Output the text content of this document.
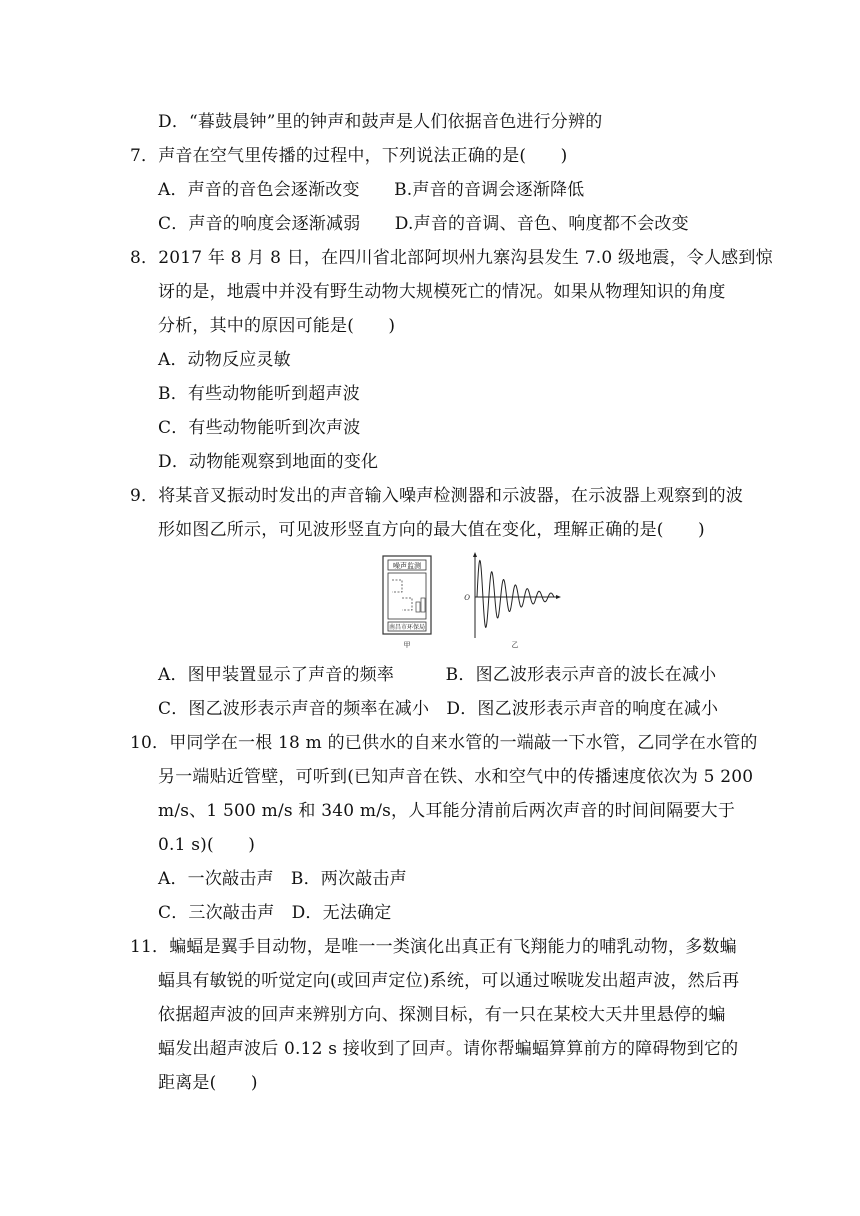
D．“暮鼓晨钟”里的钟声和鼓声是人们依据音色进行分辨的
7．声音在空气里传播的过程中，下列说法正确的是(　　)
A．声音的音色会逐渐改变　　B.声音的音调会逐渐降低
C．声音的响度会逐渐减弱　　D.声音的音调、音色、响度都不会改变
8．2017 年 8 月 8 日，在四川省北部阿坝州九寨沟县发生 7.0 级地震，令人感到惊
讶的是，地震中并没有野生动物大规模死亡的情况。如果从物理知识的角度
分析，其中的原因可能是(　　)
A．动物反应灵敏
B．有些动物能听到超声波
C．有些动物能听到次声波
D．动物能观察到地面的变化
9．将某音叉振动时发出的声音输入噪声检测器和示波器，在示波器上观察到的波
形如图乙所示，可见波形竖直方向的最大值在变化，理解正确的是(　　)
噪声监测
南昌市环保局
甲
O
乙
A．图甲装置显示了声音的频率　　　B．图乙波形表示声音的波长在减小
C．图乙波形表示声音的频率在减小　D．图乙波形表示声音的响度在减小
10．甲同学在一根 18 m 的已供水的自来水管的一端敲一下水管，乙同学在水管的
另一端贴近管壁，可听到(已知声音在铁、水和空气中的传播速度依次为 5 200
m/s、1 500 m/s 和 340 m/s，人耳能分清前后两次声音的时间间隔要大于
0.1 s)(　　)
A．一次敲击声　B．两次敲击声
C．三次敲击声　D．无法确定
11．蝙蝠是翼手目动物，是唯一一类演化出真正有飞翔能力的哺乳动物，多数蝙
蝠具有敏锐的听觉定向(或回声定位)系统，可以通过喉咙发出超声波，然后再
依据超声波的回声来辨别方向、探测目标，有一只在某校大天井里悬停的蝙
蝠发出超声波后 0.12 s 接收到了回声。请你帮蝙蝠算算前方的障碍物到它的
距离是(　　)
